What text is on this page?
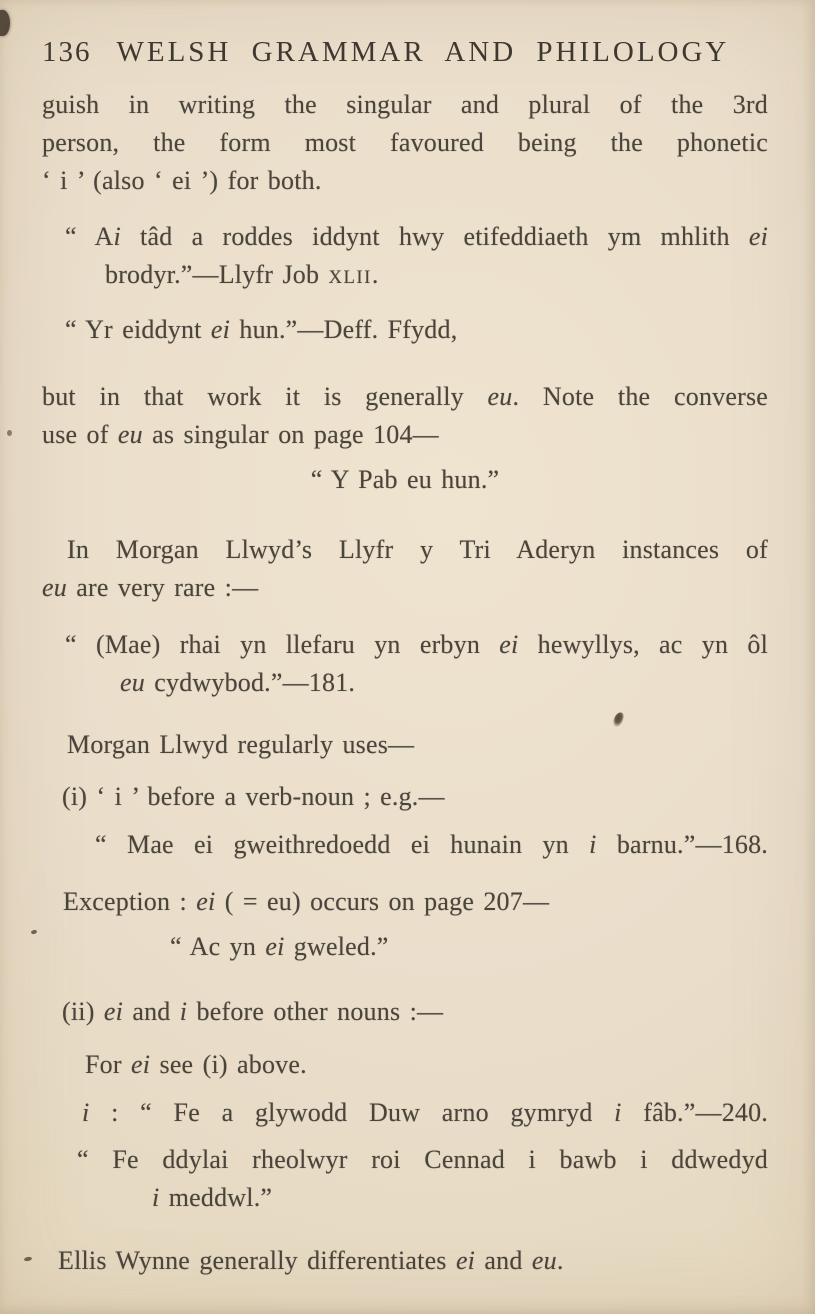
136 WELSH GRAMMAR AND PHILOLOGY
guish in writing the singular and plural of the 3rd
person, the form most favoured being the phonetic
‘ i ’ (also ‘ ei ’) for both.
“ Ai tâd a roddes iddynt hwy etifeddiaeth ym mhlith ei
brodyr.”—Llyfr Job XLII.
“ Yr eiddynt ei hun.”—Deff. Ffydd,
but in that work it is generally eu. Note the converse
use of eu as singular on page 104—
“ Y Pab eu hun.”
In Morgan Llwyd’s Llyfr y Tri Aderyn instances of
eu are very rare :—
“ (Mae) rhai yn llefaru yn erbyn ei hewyllys, ac yn ôl
eu cydwybod.”—181.
Morgan Llwyd regularly uses—
(i) ‘ i ’ before a verb-noun ; e.g.—
“ Mae ei gweithredoedd ei hunain yn i barnu.”—168.
Exception : ei ( = eu) occurs on page 207—
“ Ac yn ei gweled.”
(ii) ei and i before other nouns :—
For ei see (i) above.
i : “ Fe a glywodd Duw arno gymryd i fâb.”—240.
“ Fe ddylai rheolwyr roi Cennad i bawb i ddwedyd
i meddwl.”
Ellis Wynne generally differentiates ei and eu.
